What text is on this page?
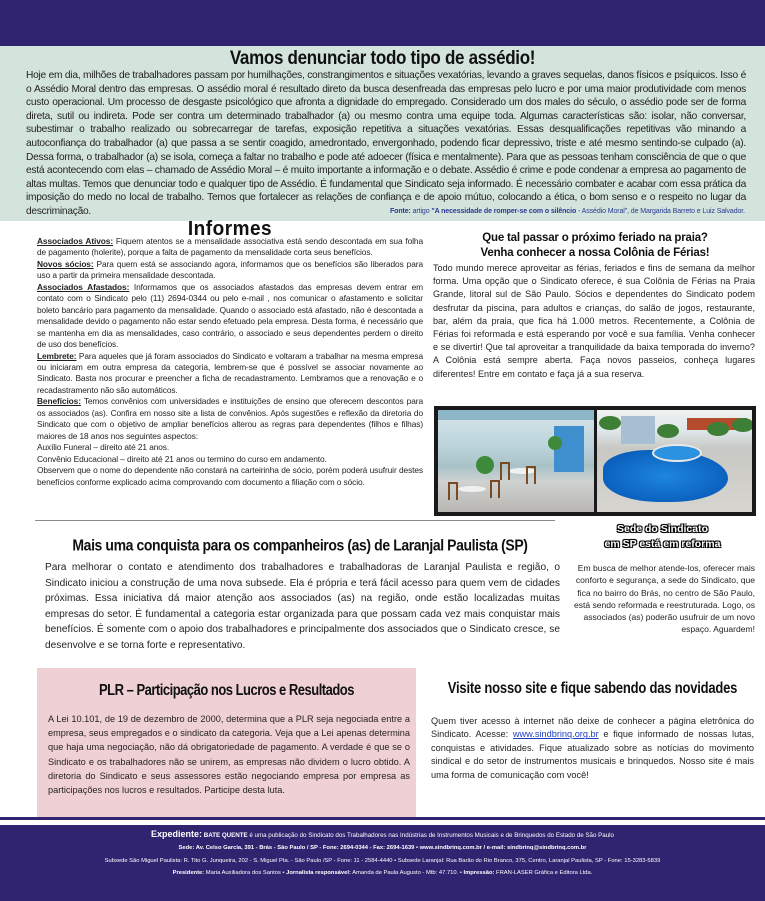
Vamos denunciar todo tipo de assédio!

Hoje em dia, milhões de trabalhadores passam por humilhações, constrangimentos e situações vexatórias, levando a graves sequelas, danos físicos e psíquicos. Isso é o Assédio Moral dentro das empresas. O assédio moral é resultado direto da busca desenfreada das empresas pelo lucro e por uma maior produtividade com menos custo operacional. Um processo de desgaste psicológico que afronta a dignidade do empregado. Considerado um dos males do século, o assédio pode ser de forma direta, sutil ou indireta. Pode ser contra um determinado trabalhador (a) ou mesmo contra uma equipe toda. Algumas características são: isolar, não conversar, subestimar o trabalho realizado ou sobrecarregar de tarefas, exposição repetitiva a situações vexatórias. Essas desqualificações repetitivas vão minando a autoconfiança do trabalhador (a) que passa a se sentir coagido, amedrontado, envergonhado, podendo ficar depressivo, triste e até mesmo sentindo-se culpado (a). Dessa forma, o trabalhador (a) se isola, começa a faltar no trabalho e pode até adoecer (física e mentalmente). Para que as pessoas tenham consciência de que o que está acontecendo com elas – chamado de Assédio Moral – é muito importante a informação e o debate. Assédio é crime e pode condenar a empresa ao pagamento de altas multas. Temos que denunciar todo e qualquer tipo de Assédio. É fundamental que Sindicato seja informado. É necessário combater e acabar com essa prática da imposição do medo no local de trabalho. Temos que fortalecer as relações de confiança e de apoio mútuo, colocando a ética, o bom senso e o respeito no lugar da descriminação.	Fonte: artigo "A necessidade de romper-se com o silêncio - Assédio Moral", de Margarida Barreto e Luiz Salvador.
Informes
Associados Ativos: Fiquem atentos se a mensalidade associativa está sendo descontada em sua folha de pagamento (holerite), porque a falta de pagamento da mensalidade corta seus benefícios.
Novos sócios: Para quem está se associando agora, informamos que os benefícios são liberados para uso a partir da primeira mensalidade descontada.
Associados Afastados: Informamos que os associados afastados das empresas devem entrar em contato com o Sindicato pelo (11) 2694-0344 ou pelo e-mail , nos comunicar o afastamento e solicitar boleto bancário para pagamento da mensalidade. Quando o associado está afastado, não é descontada a mensalidade devido o pagamento não estar sendo efetuado pela empresa. Desta forma, é necessário que se mantenha em dia as mensalidades, caso contrário, o associado e seus dependentes perdem o direito de uso dos benefícios.
Lembrete: Para aqueles que já foram associados do Sindicato e voltaram a trabalhar na mesma empresa ou iniciaram em outra empresa da categoria, lembrem-se que é possível se associar novamente ao Sindicato. Basta nos procurar e preencher a ficha de recadastramento. Lembramos que a renovação e o recadastramento não são automáticos.
Benefícios: Temos convênios com universidades e instituições de ensino que oferecem descontos para os associados (as). Confira em nosso site a lista de convênios. Após sugestões e reflexão da diretoria do Sindicato que com o objetivo de ampliar benefícios alterou as regras para dependentes (filhos e filhas) maiores de 18 anos nos seguintes aspectos:
Auxílio Funeral – direito até 21 anos.
Convênio Educacional – direito até 21 anos ou termino do curso em andamento.
Observem que o nome do dependente não constará na carteirinha de sócio, porém poderá usufruir destes benefícios conforme explicado acima comprovando com documento a filiação com o sócio.
Que tal passar o próximo feriado na praia?
Venha conhecer a nossa Colônia de Férias!

Todo mundo merece aproveitar as férias, feriados e fins de semana da melhor forma. Uma opção que o Sindicato oferece, é sua Colônia de Férias na Praia Grande, litoral sul de São Paulo. Sócios e dependentes do Sindicato podem desfrutar da piscina, para adultos e crianças, do salão de jogos, restaurante, bar, além da praia, que fica há 1.000 metros. Recentemente, a Colônia de Férias foi reformada e está esperando por você e sua família. Venha conhecer e se divertir! Que tal aproveitar a tranquilidade da baixa temporada do inverno? A Colônia está sempre aberta. Faça novos passeios, conheça lugares diferentes! Entre em contato e faça já a sua reserva.

Sede do Sindicato
em SP está em reforma

Em busca de melhor atende-los, oferecer mais conforto e segurança, a sede do Sindicato, que fica no bairro do Brás, no centro de São Paulo, está sendo reformada e reestruturada. Logo, os associados (as) poderão usufruir de um novo espaço. Aguardem!

Mais uma conquista para os companheiros (as) de Laranjal Paulista (SP)

Para melhorar o contato e atendimento dos trabalhadores e trabalhadoras de Laranjal Paulista e região, o Sindicato iniciou a construção de uma nova subsede. Ela é própria e terá fácil acesso para quem vem de cidades próximas. Essa iniciativa dá maior atenção aos associados (as) na região, onde estão localizadas muitas empresas do setor. É fundamental a categoria estar organizada para que possam cada vez mais conquistar mais benefícios. É somente com o apoio dos trabalhadores e principalmente dos associados que o Sindicato cresce, se desenvolve e se torna forte e representativo.

PLR – Participação nos Lucros e Resultados

A Lei 10.101, de 19 de dezembro de 2000, determina que a PLR seja negociada entre a empresa, seus empregados e o sindicato da categoria. Veja que a Lei apenas determina que haja uma negociação, não dá obrigatoriedade de pagamento. A verdade é que se o Sindicato e os trabalhadores não se unirem, as empresas não dividem o lucro obtido. A diretoria do Sindicato e seus assessores estão negociando empresa por empresa as participações nos lucros e resultados. Participe desta luta.

Visite nosso site e fique sabendo das novidades

Quem tiver acesso à internet não deixe de conhecer a página eletrônica do Sindicato. Acesse: www.sindbrinq.org.br e fique informado de nossas lutas, conquistas e atividades. Fique atualizado sobre as notícias do movimento sindical e do setor de instrumentos musicais e brinquedos. Nosso site é mais uma forma de comunicação com você!

Expediente: BATE QUENTE é uma publicação do Sindicato dos Trabalhadores nas Indústrias de Instrumentos Musicais e de Brinquedos do Estado de São Paulo
Sede: Av. Celso Garcia, 391 - Brás - São Paulo / SP - Fone: 2694-0344 - Fax: 2694-1639 • www.sindbrinq.com.br / e-mail: sindbrinq@sindbrinq.com.br
Subsede São Miguel Paulista: R. Tito G. Junqueira, 202 - S. Miguel Pta. - São Paulo /SP - Fone: 11 - 2584-4440 • Subsede Laranjal: Rua Barão do Rio Branco, 375, Centro, Laranjal Paulista, SP - Fone: 15-3283-5839
Presidente: Maria Auxiliadora dos Santos • Jornalista responsável: Amanda de Paula Augusto - Mtb: 47.710. • Impressão: FRAN-LASER Gráfica e Editora Ltda.
